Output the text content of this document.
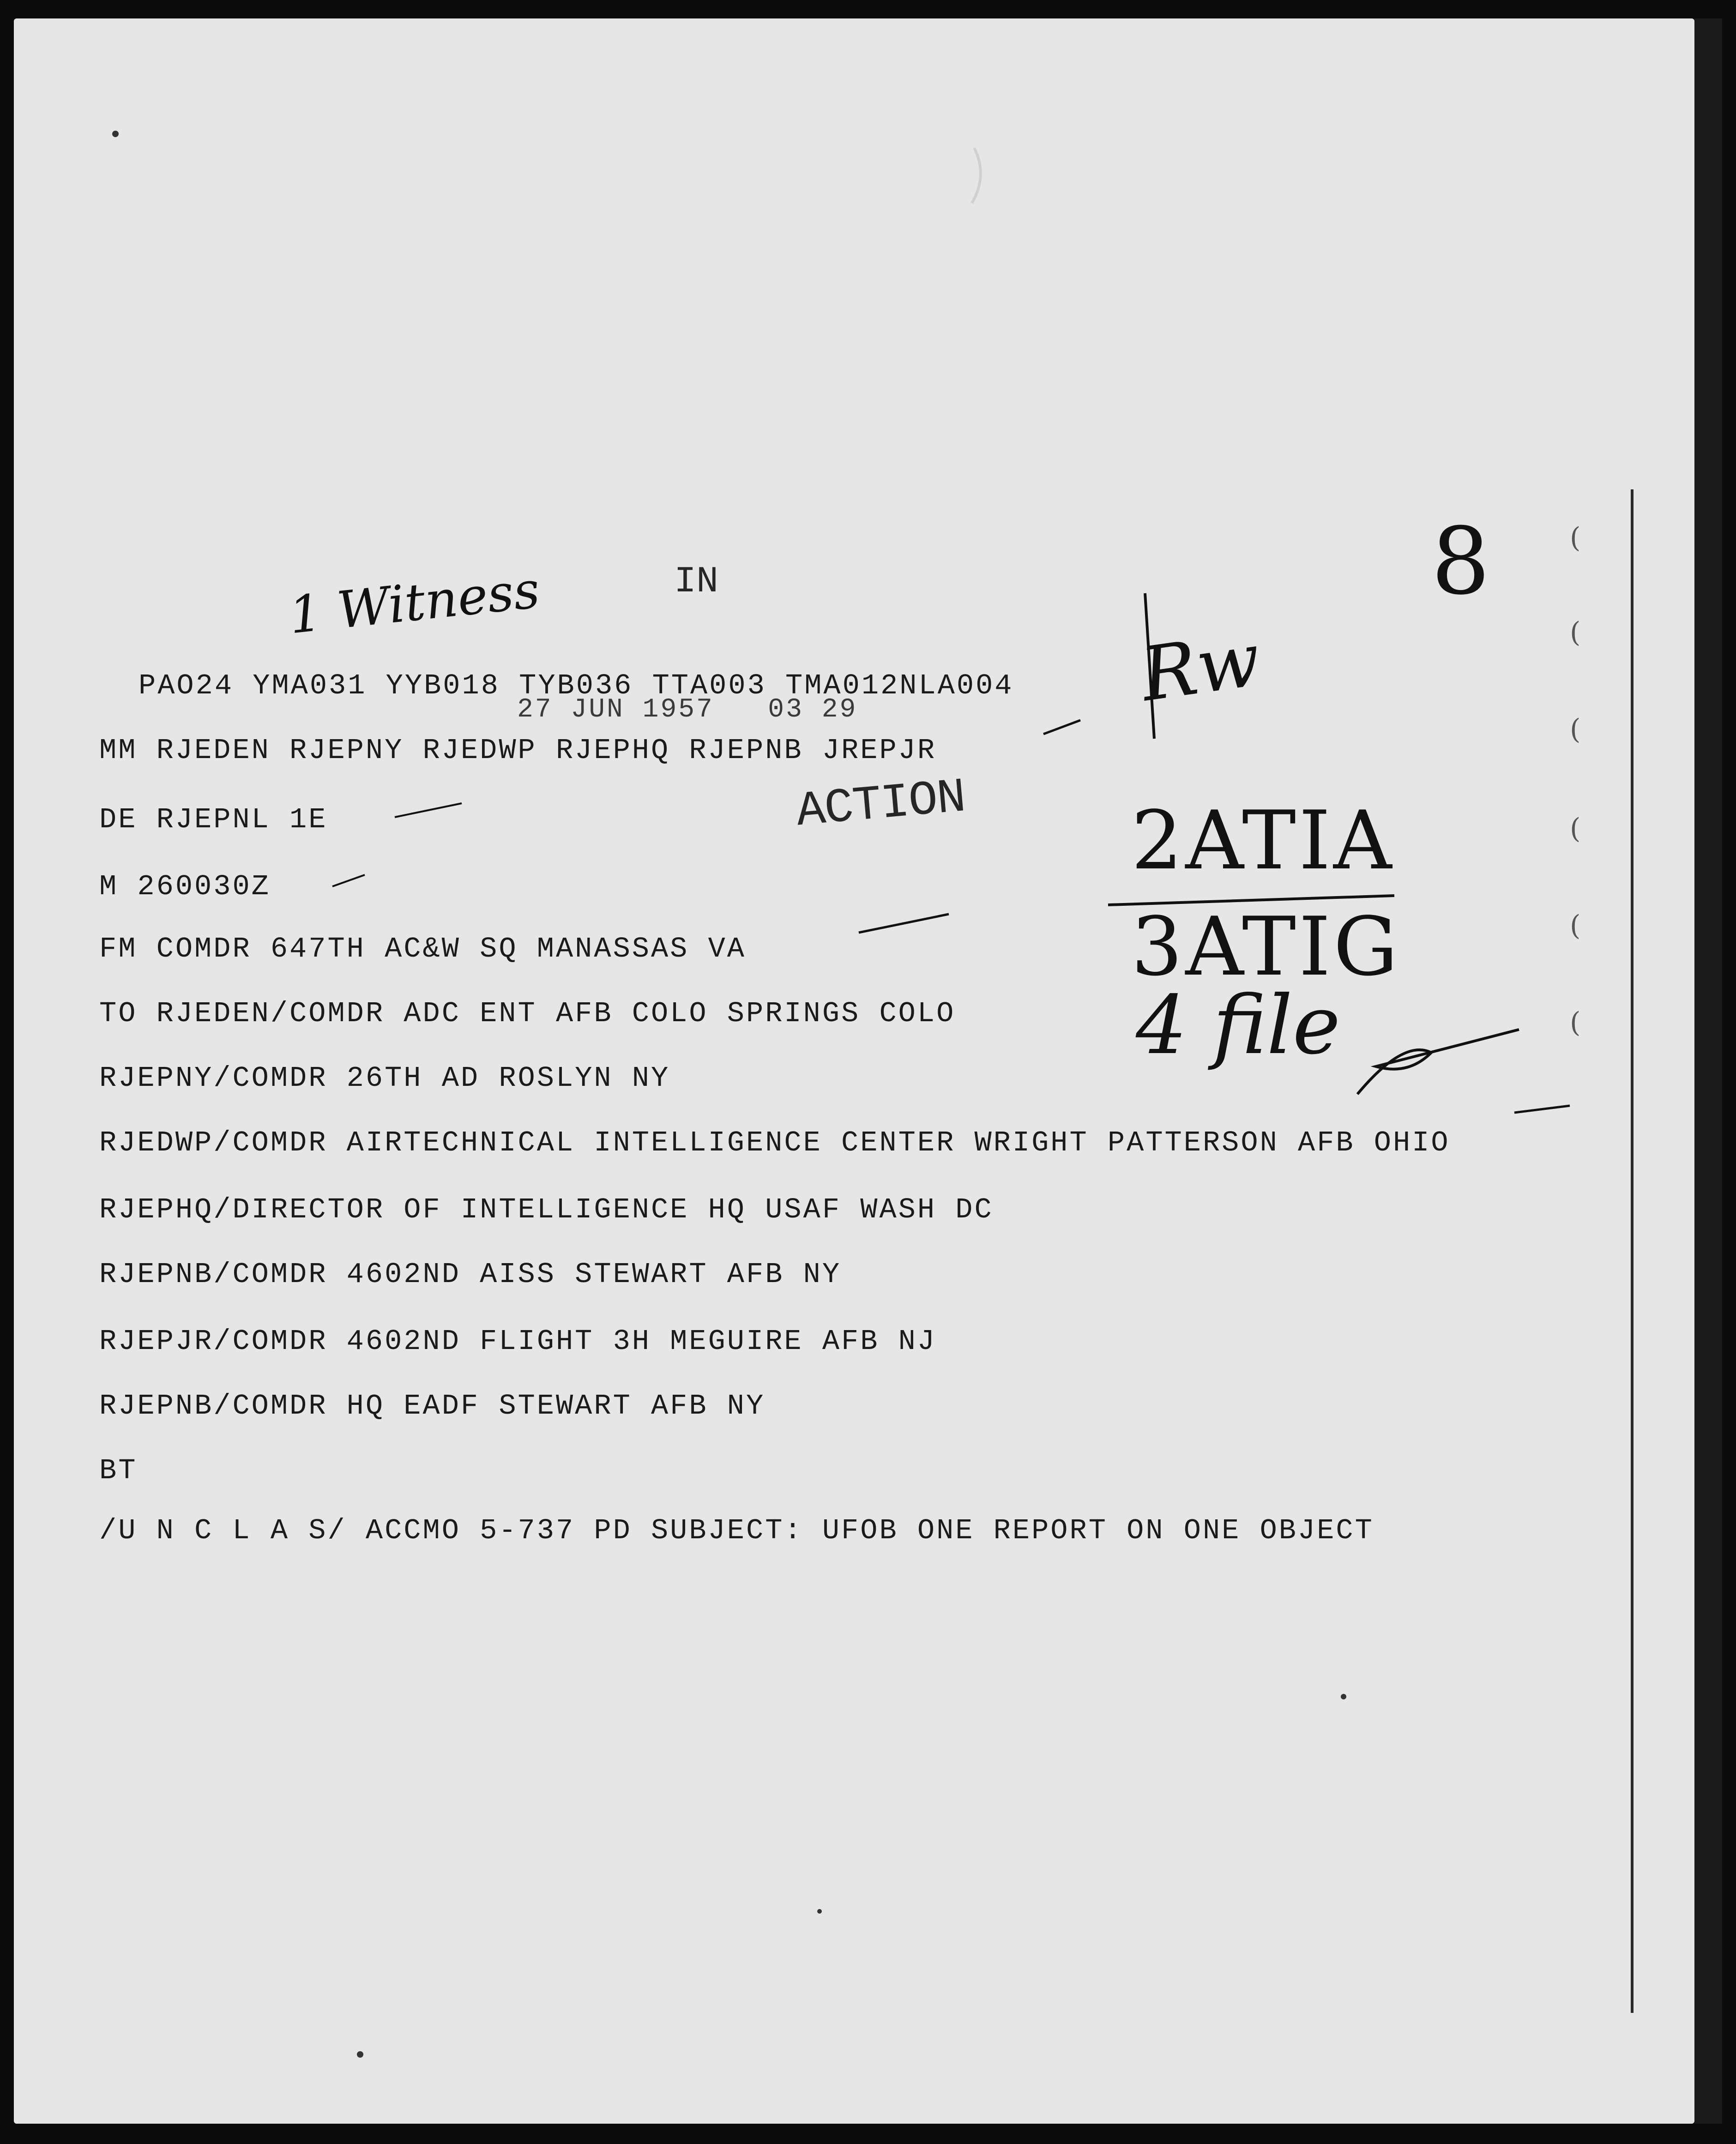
(
(
(
(
(
(
IN
27 JUN 1957   03 29
ACTION
1 Witness	8
Rw
2ATIA
3ATIG
4 file
PAO24 YMA031 YYB018 TYB036 TTA003 TMA012NLA004
MM RJEDEN RJEPNY RJEDWP RJEPHQ RJEPNB JREPJR
DE RJEPNL 1E
M 260030Z
FM COMDR 647TH AC&W SQ MANASSAS VA
TO RJEDEN/COMDR ADC ENT AFB COLO SPRINGS COLO
RJEPNY/COMDR 26TH AD ROSLYN NY
RJEDWP/COMDR AIRTECHNICAL INTELLIGENCE CENTER WRIGHT PATTERSON AFB OHIO
RJEPHQ/DIRECTOR OF INTELLIGENCE HQ USAF WASH DC
RJEPNB/COMDR 4602ND AISS STEWART AFB NY
RJEPJR/COMDR 4602ND FLIGHT 3H MEGUIRE AFB NJ
RJEPNB/COMDR HQ EADF STEWART AFB NY
BT
/U N C L A S/ ACCMO 5-737 PD SUBJECT: UFOB ONE REPORT ON ONE OBJECT
